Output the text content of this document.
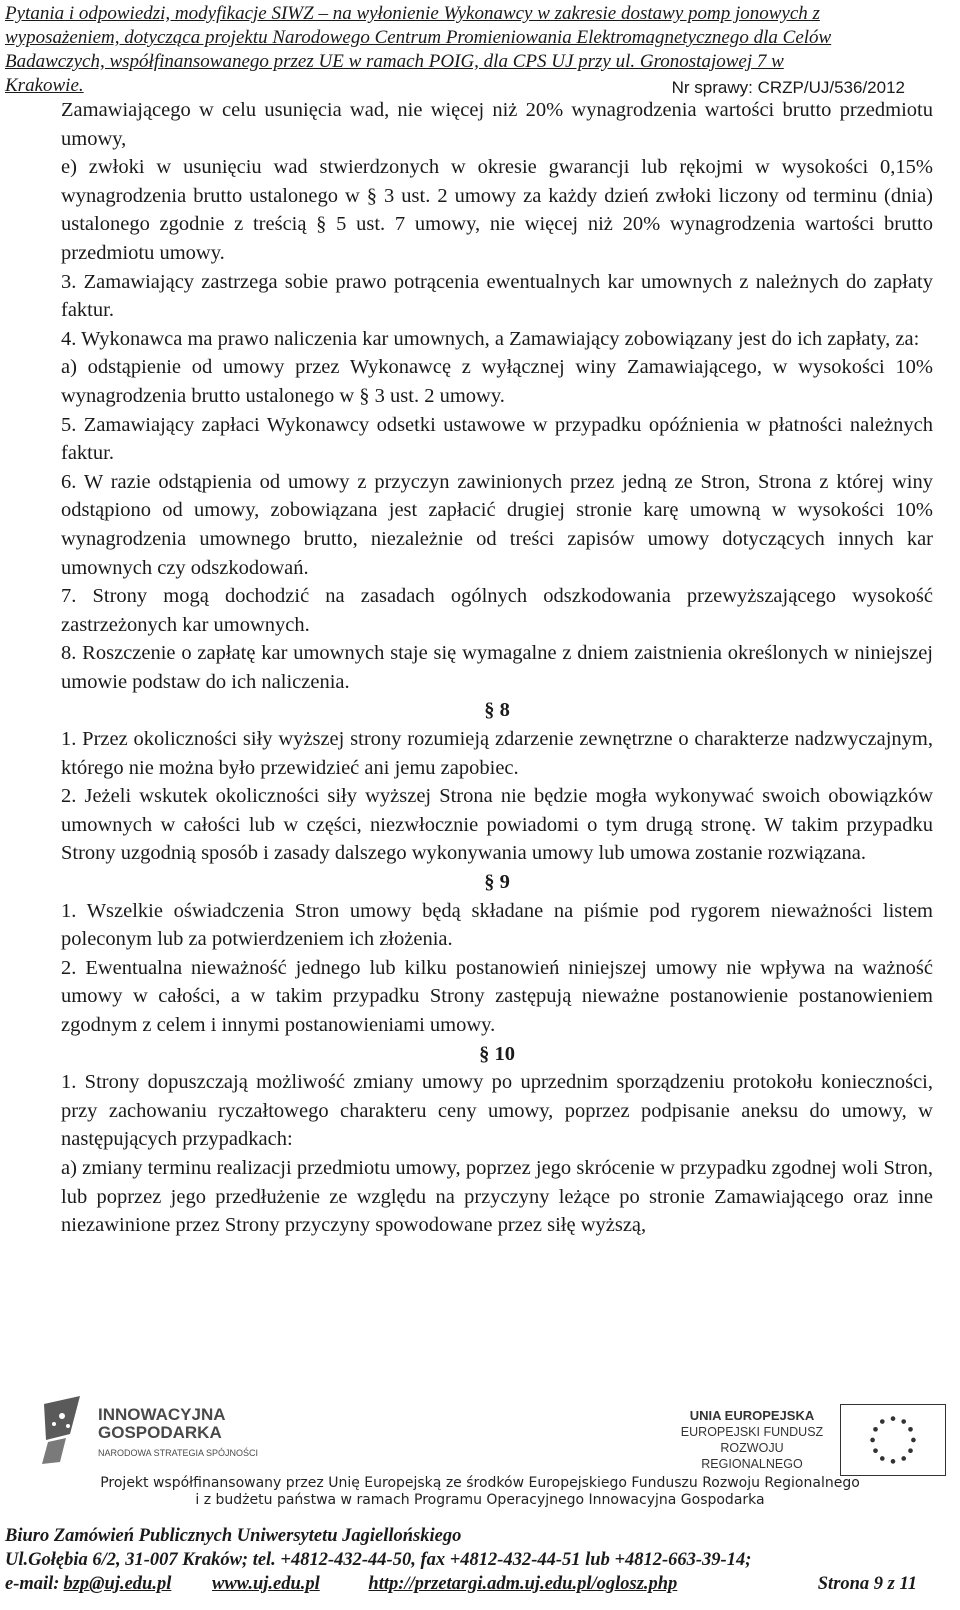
Pytania i odpowiedzi, modyfikacje SIWZ – na wyłonienie Wykonawcy w zakresie dostawy pomp jonowych z
wyposażeniem, dotycząca projektu Narodowego Centrum Promieniowania Elektromagnetycznego dla Celów
Badawczych, współfinansowanego przez UE w ramach POIG, dla CPS UJ przy ul. Gronostajowej 7 w
Krakowie.	Nr sprawy: CRZP/UJ/536/2012

Zamawiającego w celu usunięcia wad, nie więcej niż 20% wynagrodzenia wartości brutto przedmiotu umowy,

e) zwłoki w usunięciu wad stwierdzonych w okresie gwarancji lub rękojmi w wysokości 0,15% wynagrodzenia brutto ustalonego w § 3 ust. 2 umowy za każdy dzień zwłoki liczony od terminu (dnia) ustalonego zgodnie z treścią § 5 ust. 7 umowy, nie więcej niż 20% wynagrodzenia wartości brutto przedmiotu umowy.

3. Zamawiający zastrzega sobie prawo potrącenia ewentualnych kar umownych z należnych do zapłaty faktur.

4. Wykonawca ma prawo naliczenia kar umownych, a Zamawiający zobowiązany jest do ich zapłaty, za:

a) odstąpienie od umowy przez Wykonawcę z wyłącznej winy Zamawiającego, w wysokości 10% wynagrodzenia brutto ustalonego w § 3 ust. 2 umowy.

5. Zamawiający zapłaci Wykonawcy odsetki ustawowe w przypadku opóźnienia w płatności należnych faktur.

6. W razie odstąpienia od umowy z przyczyn zawinionych przez jedną ze Stron, Strona z której winy odstąpiono od umowy, zobowiązana jest zapłacić drugiej stronie karę umowną w wysokości 10% wynagrodzenia umownego brutto, niezależnie od treści zapisów umowy dotyczących innych kar umownych czy odszkodowań.

7. Strony mogą dochodzić na zasadach ogólnych odszkodowania przewyższającego wysokość zastrzeżonych kar umownych.

8. Roszczenie o zapłatę kar umownych staje się wymagalne z dniem zaistnienia określonych w niniejszej umowie podstaw do ich naliczenia.

§ 8

1. Przez okoliczności siły wyższej strony rozumieją zdarzenie zewnętrzne o charakterze nadzwyczajnym, którego nie można było przewidzieć ani jemu zapobiec.

2. Jeżeli wskutek okoliczności siły wyższej Strona nie będzie mogła wykonywać swoich obowiązków umownych w całości lub w części, niezwłocznie powiadomi o tym drugą stronę. W takim przypadku Strony uzgodnią sposób i zasady dalszego wykonywania umowy lub umowa zostanie rozwiązana.

§ 9

1. Wszelkie oświadczenia Stron umowy będą składane na piśmie pod rygorem nieważności listem poleconym lub za potwierdzeniem ich złożenia.

2. Ewentualna nieważność jednego lub kilku postanowień niniejszej umowy nie wpływa na ważność umowy w całości, a w takim przypadku Strony zastępują nieważne postanowienie postanowieniem zgodnym z celem i innymi postanowieniami umowy.

§ 10

1. Strony dopuszczają możliwość zmiany umowy po uprzednim sporządzeniu protokołu konieczności, przy zachowaniu ryczałtowego charakteru ceny umowy, poprzez podpisanie aneksu do umowy, w następujących przypadkach:

a) zmiany terminu realizacji przedmiotu umowy, poprzez jego skrócenie w przypadku zgodnej woli Stron, lub poprzez jego przedłużenie ze względu na przyczyny leżące po stronie Zamawiającego oraz inne niezawinione przez Strony przyczyny spowodowane przez siłę wyższą,

INNOWACYJNA
GOSPODARKA
NARODOWA STRATEGIA SPÓJNOŚCI
UNIA EUROPEJSKA
EUROPEJSKI FUNDUSZ
ROZWOJU REGIONALNEGO
Projekt współfinansowany przez Unię Europejską ze środków Europejskiego Funduszu Rozwoju Regionalnego
i z budżetu państwa w ramach Programu Operacyjnego Innowacyjna Gospodarka
Biuro Zamówień Publicznych Uniwersytetu Jagiellońskiego
Ul.Gołębia 6/2, 31-007 Kraków; tel. +4812-432-44-50, fax +4812-432-44-51 lub +4812-663-39-14;
e-mail: bzp@uj.edu.pl www.uj.edu.pl	http://przetargi.adm.uj.edu.pl/oglosz.php	Strona 9 z 11
